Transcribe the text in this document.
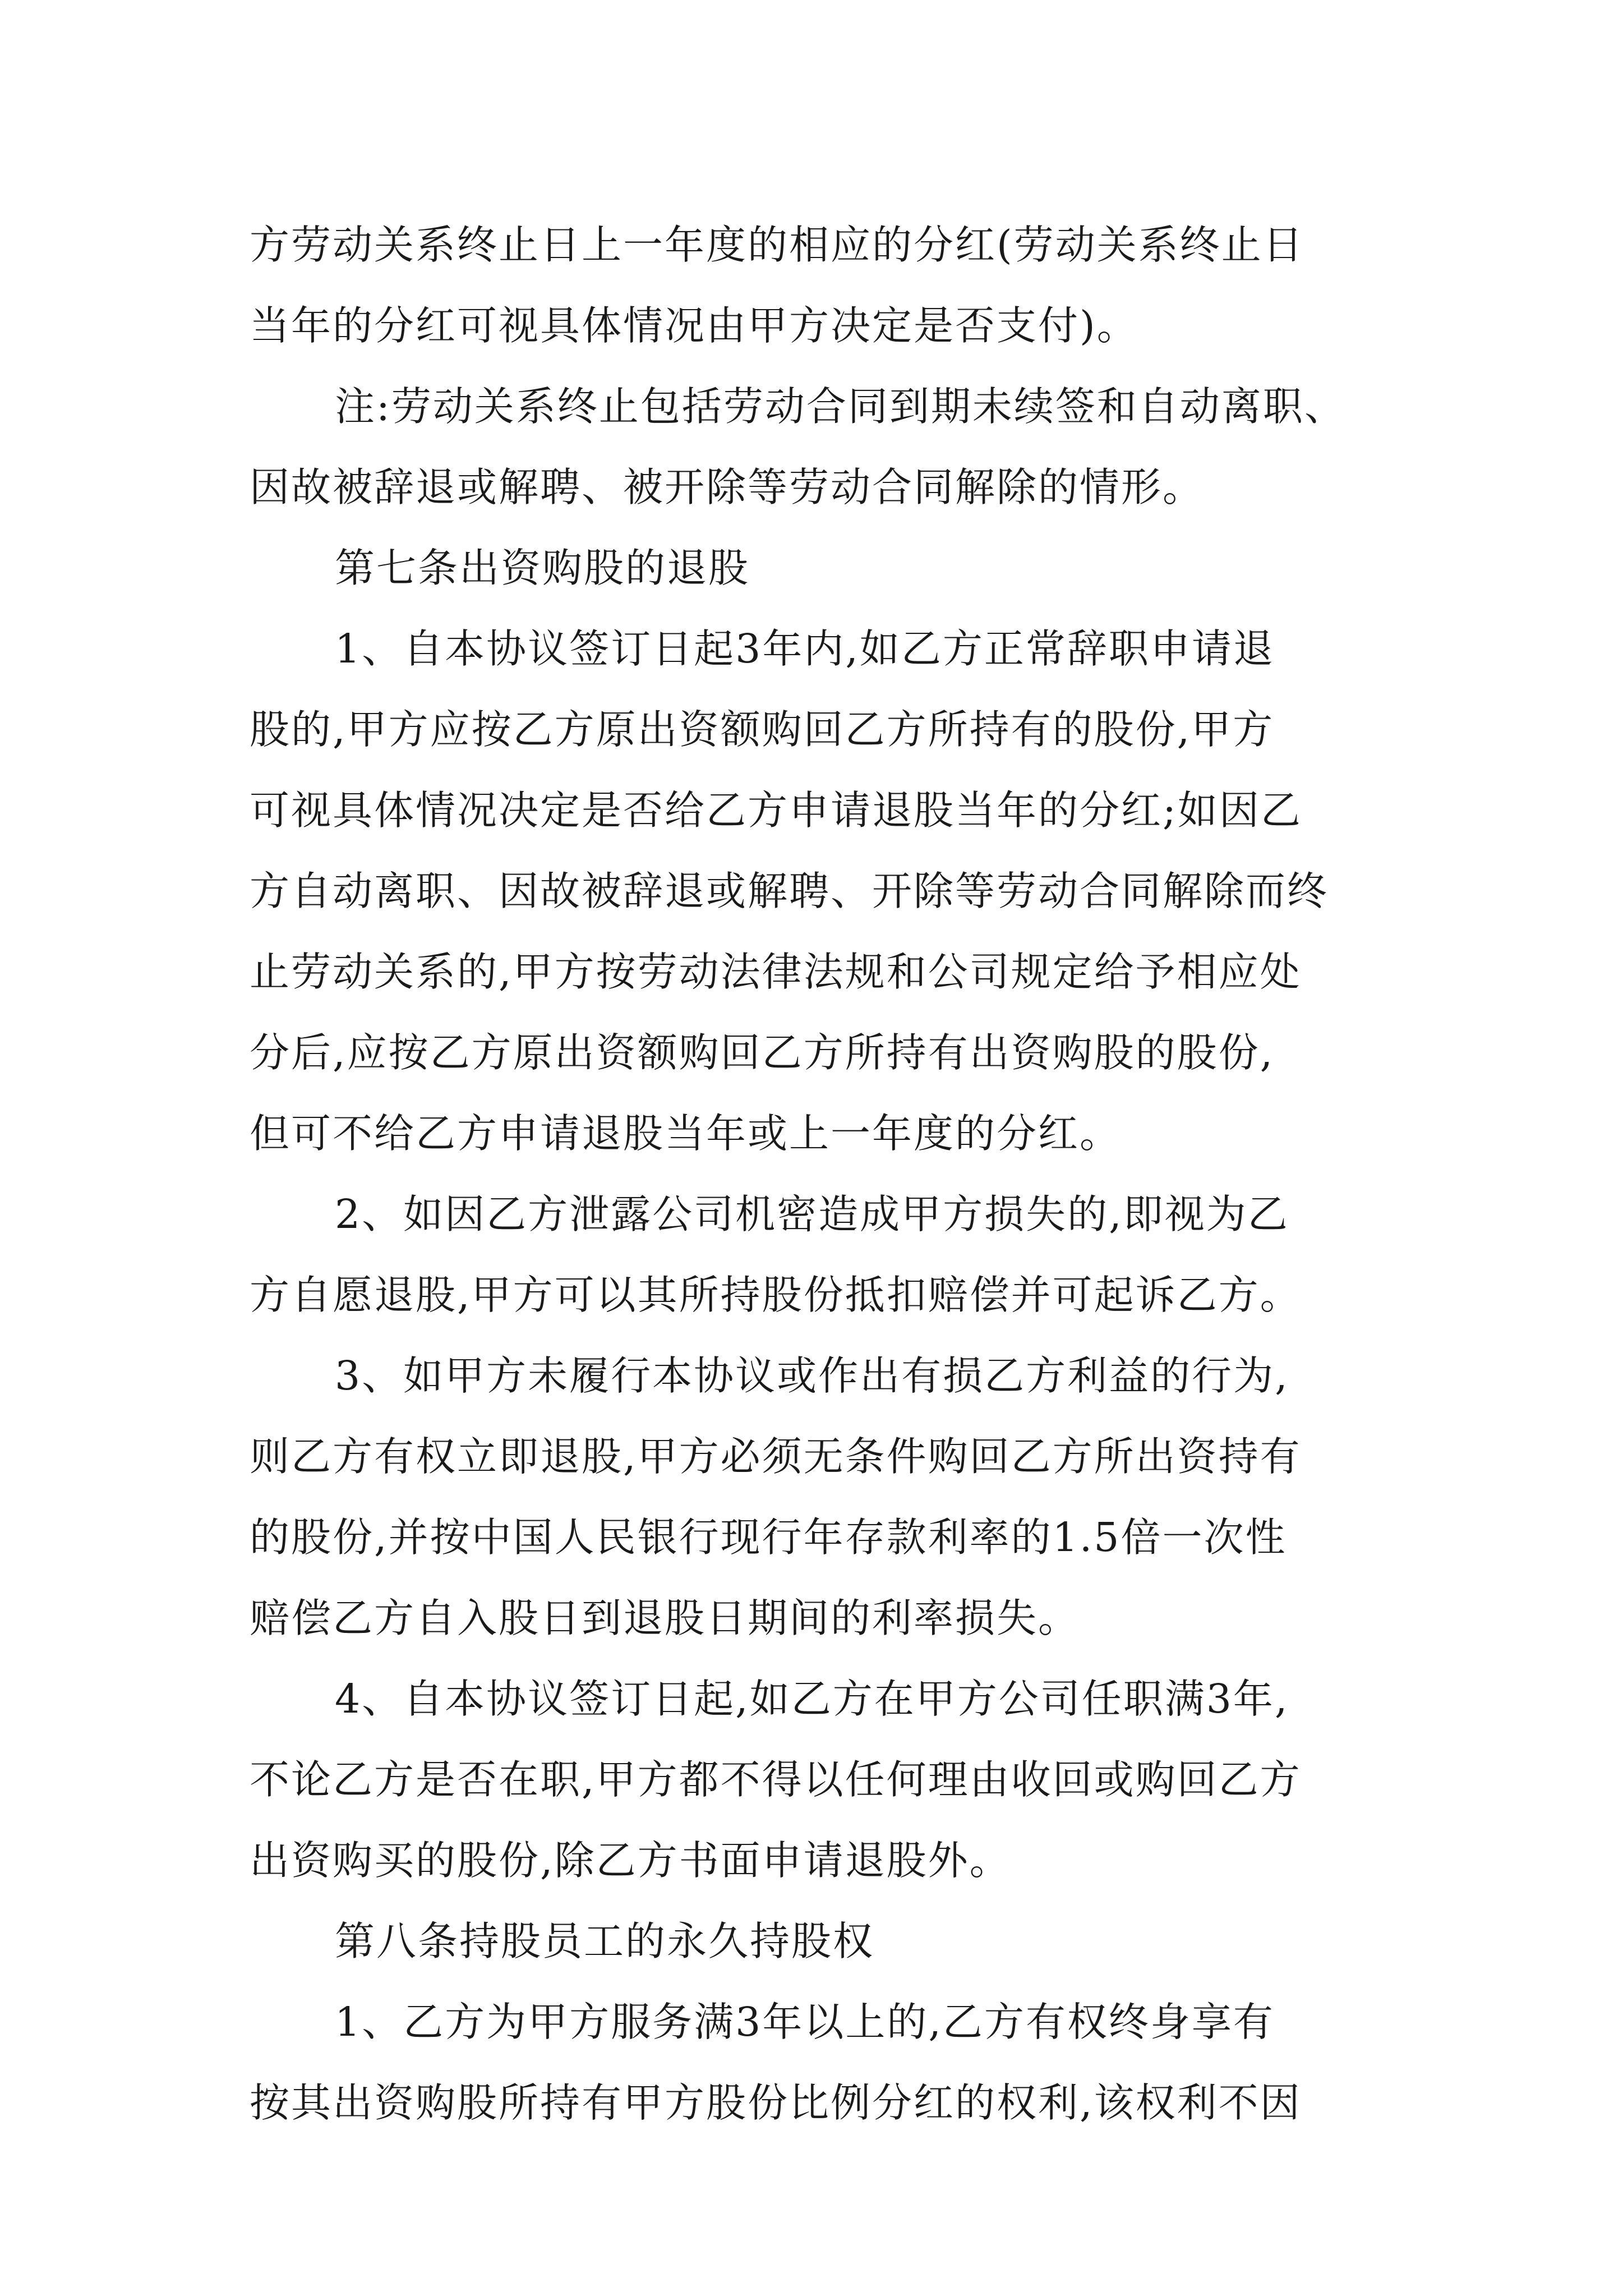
方劳动关系终止日上一年度的相应的分红(劳动关系终止日
当年的分红可视具体情况由甲方决定是否支付)。
注:劳动关系终止包括劳动合同到期未续签和自动离职、
因故被辞退或解聘、被开除等劳动合同解除的情形。
第七条出资购股的退股
1、自本协议签订日起3年内,如乙方正常辞职申请退
股的,甲方应按乙方原出资额购回乙方所持有的股份,甲方
可视具体情况决定是否给乙方申请退股当年的分红;如因乙
方自动离职、因故被辞退或解聘、开除等劳动合同解除而终
止劳动关系的,甲方按劳动法律法规和公司规定给予相应处
分后,应按乙方原出资额购回乙方所持有出资购股的股份,
但可不给乙方申请退股当年或上一年度的分红。
2、如因乙方泄露公司机密造成甲方损失的,即视为乙
方自愿退股,甲方可以其所持股份抵扣赔偿并可起诉乙方。
3、如甲方未履行本协议或作出有损乙方利益的行为,
则乙方有权立即退股,甲方必须无条件购回乙方所出资持有
的股份,并按中国人民银行现行年存款利率的1.5倍一次性
赔偿乙方自入股日到退股日期间的利率损失。
4、自本协议签订日起,如乙方在甲方公司任职满3年,
不论乙方是否在职,甲方都不得以任何理由收回或购回乙方
出资购买的股份,除乙方书面申请退股外。
第八条持股员工的永久持股权
1、乙方为甲方服务满3年以上的,乙方有权终身享有
按其出资购股所持有甲方股份比例分红的权利,该权利不因
